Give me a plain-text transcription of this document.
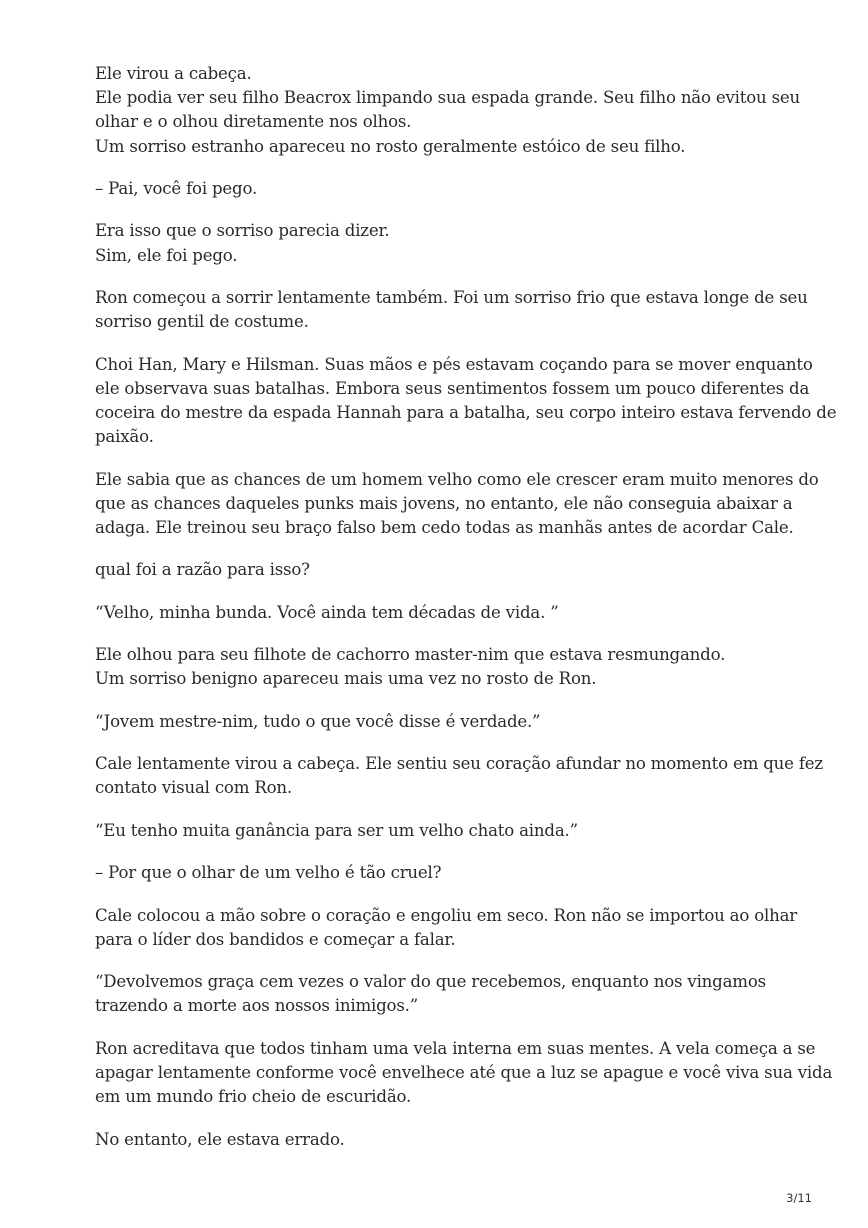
Ele virou a cabeça.
Ele podia ver seu filho Beacrox limpando sua espada grande. Seu filho não evitou seu
olhar e o olhou diretamente nos olhos.
Um sorriso estranho apareceu no rosto geralmente estóico de seu filho.

– Pai, você foi pego.

Era isso que o sorriso parecia dizer.
Sim, ele foi pego.

Ron começou a sorrir lentamente também. Foi um sorriso frio que estava longe de seu
sorriso gentil de costume.

Choi Han, Mary e Hilsman. Suas mãos e pés estavam coçando para se mover enquanto
ele observava suas batalhas. Embora seus sentimentos fossem um pouco diferentes da
coceira do mestre da espada Hannah para a batalha, seu corpo inteiro estava fervendo de
paixão.

Ele sabia que as chances de um homem velho como ele crescer eram muito menores do
que as chances daqueles punks mais jovens, no entanto, ele não conseguia abaixar a
adaga. Ele treinou seu braço falso bem cedo todas as manhãs antes de acordar Cale.

qual foi a razão para isso?

“Velho, minha bunda. Você ainda tem décadas de vida. ”

Ele olhou para seu filhote de cachorro master-nim que estava resmungando.
Um sorriso benigno apareceu mais uma vez no rosto de Ron.

“Jovem mestre-nim, tudo o que você disse é verdade.”

Cale lentamente virou a cabeça. Ele sentiu seu coração afundar no momento em que fez
contato visual com Ron.

“Eu tenho muita ganância para ser um velho chato ainda.”

– Por que o olhar de um velho é tão cruel?

Cale colocou a mão sobre o coração e engoliu em seco. Ron não se importou ao olhar
para o líder dos bandidos e começar a falar.

“Devolvemos graça cem vezes o valor do que recebemos, enquanto nos vingamos
trazendo a morte aos nossos inimigos.”

Ron acreditava que todos tinham uma vela interna em suas mentes. A vela começa a se
apagar lentamente conforme você envelhece até que a luz se apague e você viva sua vida
em um mundo frio cheio de escuridão.

No entanto, ele estava errado.

3/11
